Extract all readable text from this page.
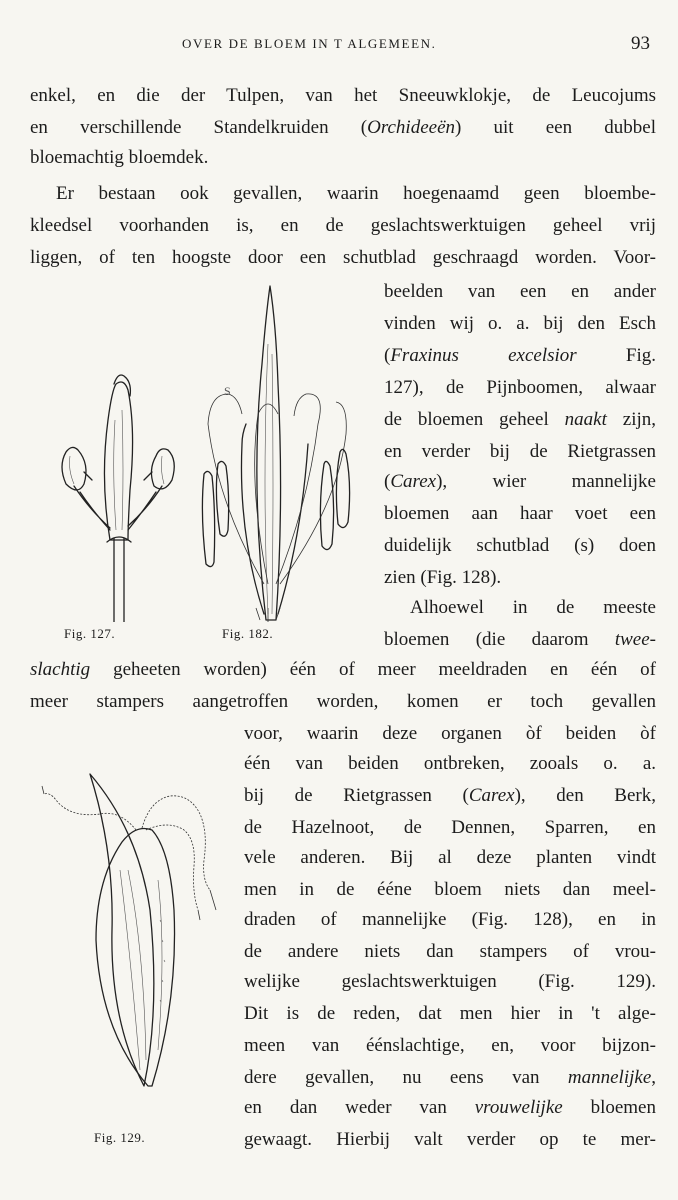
OVER DE BLOEM IN T ALGEMEEN.	93
enkel, en die der Tulpen, van het Sneeuwklokje, de Leucojums
en verschillende Standelkruiden (Orchideeën) uit een dubbel
bloemachtig bloemdek.
Er bestaan ook gevallen, waarin hoegenaamd geen bloembe-
kleedsel voorhanden is, en de geslachtswerktuigen geheel vrij
liggen, of ten hoogste door een schutblad geschraagd worden. Voor-
beelden van een en ander
vinden wij o. a. bij den Esch
(Fraxinus excelsior Fig.
127), de Pijnboomen, alwaar
de bloemen geheel naakt zijn,
en verder bij de Rietgrassen
(Carex), wier mannelijke
bloemen aan haar voet een
duidelijk schutblad (s) doen
zien (Fig. 128).
Alhoewel in de meeste
bloemen (die daarom twee-
slachtig geheeten worden) één of meer meeldraden en één of
meer stampers aangetroffen worden, komen er toch gevallen
voor, waarin deze organen òf beiden òf
één van beiden ontbreken, zooals o. a.
bij de Rietgrassen (Carex), den Berk,
de Hazelnoot, de Dennen, Sparren, en
vele anderen. Bij al deze planten vindt
men in de ééne bloem niets dan meel-
draden of mannelijke (Fig. 128), en in
de andere niets dan stampers of vrou-
welijke geslachtswerktuigen (Fig. 129).
Dit is de reden, dat men hier in 't alge-
meen van éénslachtige, en, voor bijzon-
dere gevallen, nu eens van mannelijke,
en dan weder van vrouwelijke bloemen
gewaagt. Hierbij valt verder op te mer-
Fig. 127.
S
Fig. 182.
Fig. 129.
